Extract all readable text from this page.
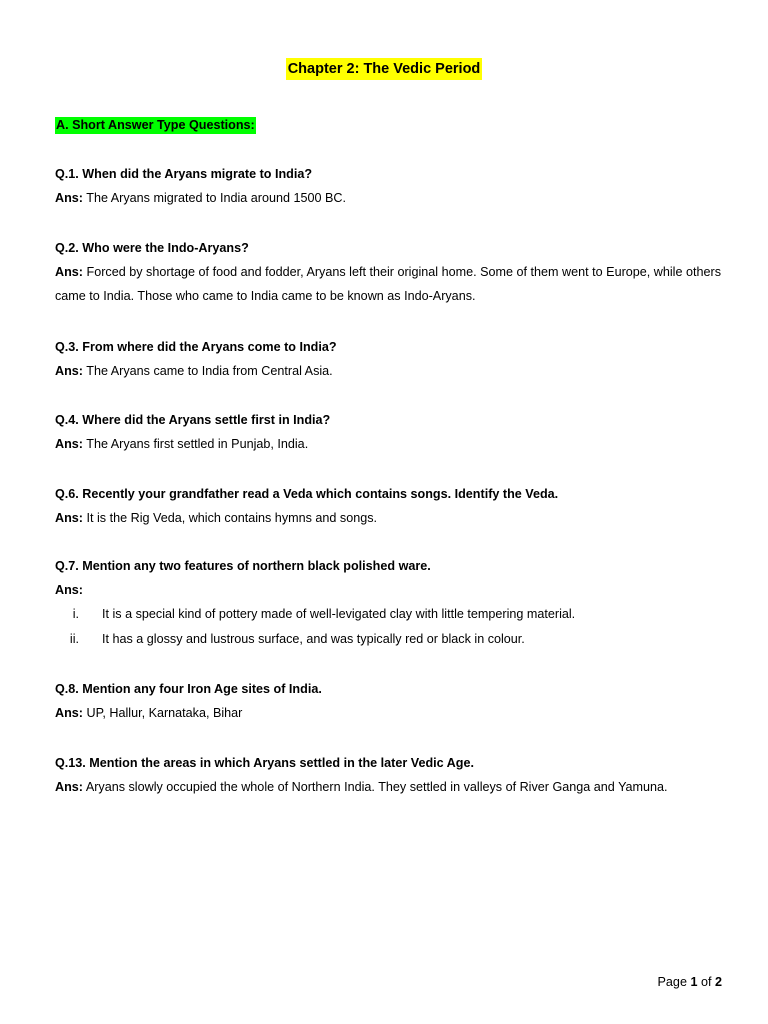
Chapter 2: The Vedic Period
A. Short Answer Type Questions:
Q.1. When did the Aryans migrate to India?
Ans: The Aryans migrated to India around 1500 BC.
Q.2. Who were the Indo-Aryans?
Ans: Forced by shortage of food and fodder, Aryans left their original home. Some of them went to Europe, while others came to India. Those who came to India came to be known as Indo-Aryans.
Q.3. From where did the Aryans come to India?
Ans: The Aryans came to India from Central Asia.
Q.4. Where did the Aryans settle first in India?
Ans: The Aryans first settled in Punjab, India.
Q.6. Recently your grandfather read a Veda which contains songs. Identify the Veda.
Ans: It is the Rig Veda, which contains hymns and songs.
Q.7. Mention any two features of northern black polished ware.
Ans:
i. It is a special kind of pottery made of well-levigated clay with little tempering material.
ii. It has a glossy and lustrous surface, and was typically red or black in colour.
Q.8. Mention any four Iron Age sites of India.
Ans: UP, Hallur, Karnataka, Bihar
Q.13. Mention the areas in which Aryans settled in the later Vedic Age.
Ans: Aryans slowly occupied the whole of Northern India. They settled in valleys of River Ganga and Yamuna.
Page 1 of 2
